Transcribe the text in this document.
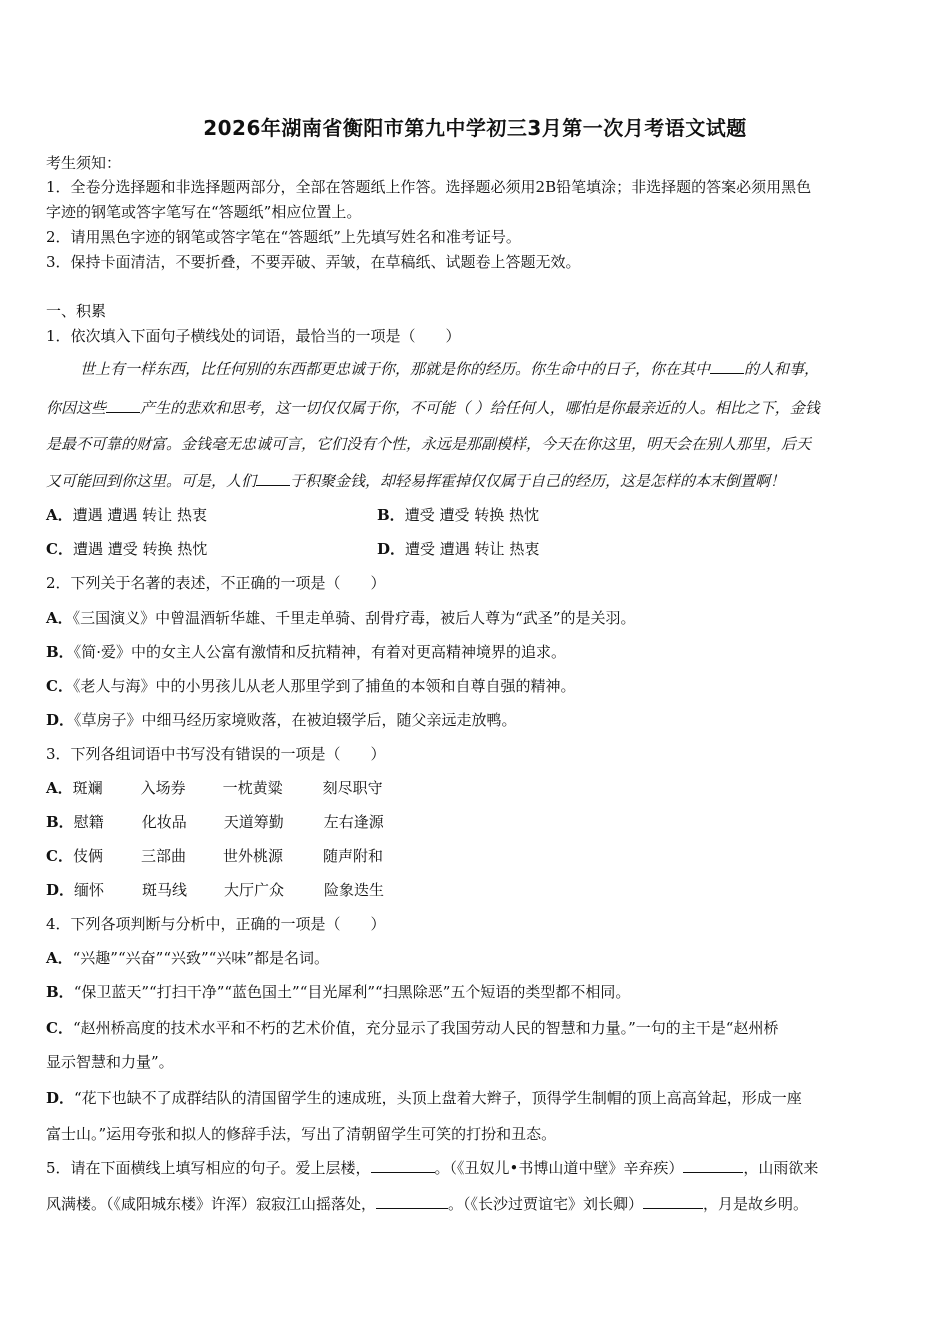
2026年湖南省衡阳市第九中学初三3月第一次月考语文试题
考生须知：
1．全卷分选择题和非选择题两部分，全部在答题纸上作答。选择题必须用2B铅笔填涂；非选择题的答案必须用黑色
字迹的钢笔或答字笔写在“答题纸”相应位置上。
2．请用黑色字迹的钢笔或答字笔在“答题纸”上先填写姓名和准考证号。
3．保持卡面清洁，不要折叠，不要弄破、弄皱，在草稿纸、试题卷上答题无效。
一、积累
1．依次填入下面句子横线处的词语，最恰当的一项是（　　）
世上有一样东西，比任何别的东西都更忠诚于你，那就是你的经历。你生命中的日子，你在其中 的人和事，
你因这些 产生的悲欢和思考，这一切仅仅属于你，不可能（ ）给任何人，哪怕是你最亲近的人。相比之下，金钱
是最不可靠的财富。金钱毫无忠诚可言，它们没有个性，永远是那副模样，今天在你这里，明天会在别人那里，后天
又可能回到你这里。可是，人们 于积聚金钱，却轻易挥霍掉仅仅属于自己的经历，这是怎样的本末倒置啊！
A．遭遇 遭遇 转让 热衷	B．遭受 遭受 转换 热忱
C．遭遇 遭受 转换 热忱	D．遭受 遭遇 转让 热衷
2．下列关于名著的表述，不正确的一项是（　　）
A．《三国演义》中曾温酒斩华雄、千里走单骑、刮骨疗毒，被后人尊为“武圣”的是关羽。
B．《简·爱》中的女主人公富有激情和反抗精神，有着对更高精神境界的追求。
C．《老人与海》中的小男孩儿从老人那里学到了捕鱼的本领和自尊自强的精神。
D．《草房子》中细马经历家境败落，在被迫辍学后，随父亲远走放鸭。
3．下列各组词语中书写没有错误的一项是（　　）
A．斑斓	入场券 一枕黄粱	刻尽职守
B．慰籍	化妆品 天道筹勤	左右逢源
C．伎俩	三部曲 世外桃源	随声附和
D．缅怀	斑马线 大厅广众	险象迭生
4．下列各项判断与分析中，正确的一项是（　　）
A．“兴趣”“兴奋”“兴致”“兴味”都是名词。
B．“保卫蓝天”“打扫干净”“蓝色国土”“目光犀利”“扫黑除恶”五个短语的类型都不相同。
C．“赵州桥高度的技术水平和不朽的艺术价值，充分显示了我国劳动人民的智慧和力量。”一句的主干是“赵州桥
显示智慧和力量”。
D．“花下也缺不了成群结队的清国留学生的速成班，头顶上盘着大辫子，顶得学生制帽的顶上高高耸起，形成一座
富士山。”运用夸张和拟人的修辞手法，写出了清朝留学生可笑的打扮和丑态。
5．请在下面横线上填写相应的句子。爱上层楼，	。（《丑奴儿•书博山道中壁》辛弃疾）	，山雨欲来
风满楼。（《咸阳城东楼》许浑）寂寂江山摇落处，	。（《长沙过贾谊宅》刘长卿）	，月是故乡明。
